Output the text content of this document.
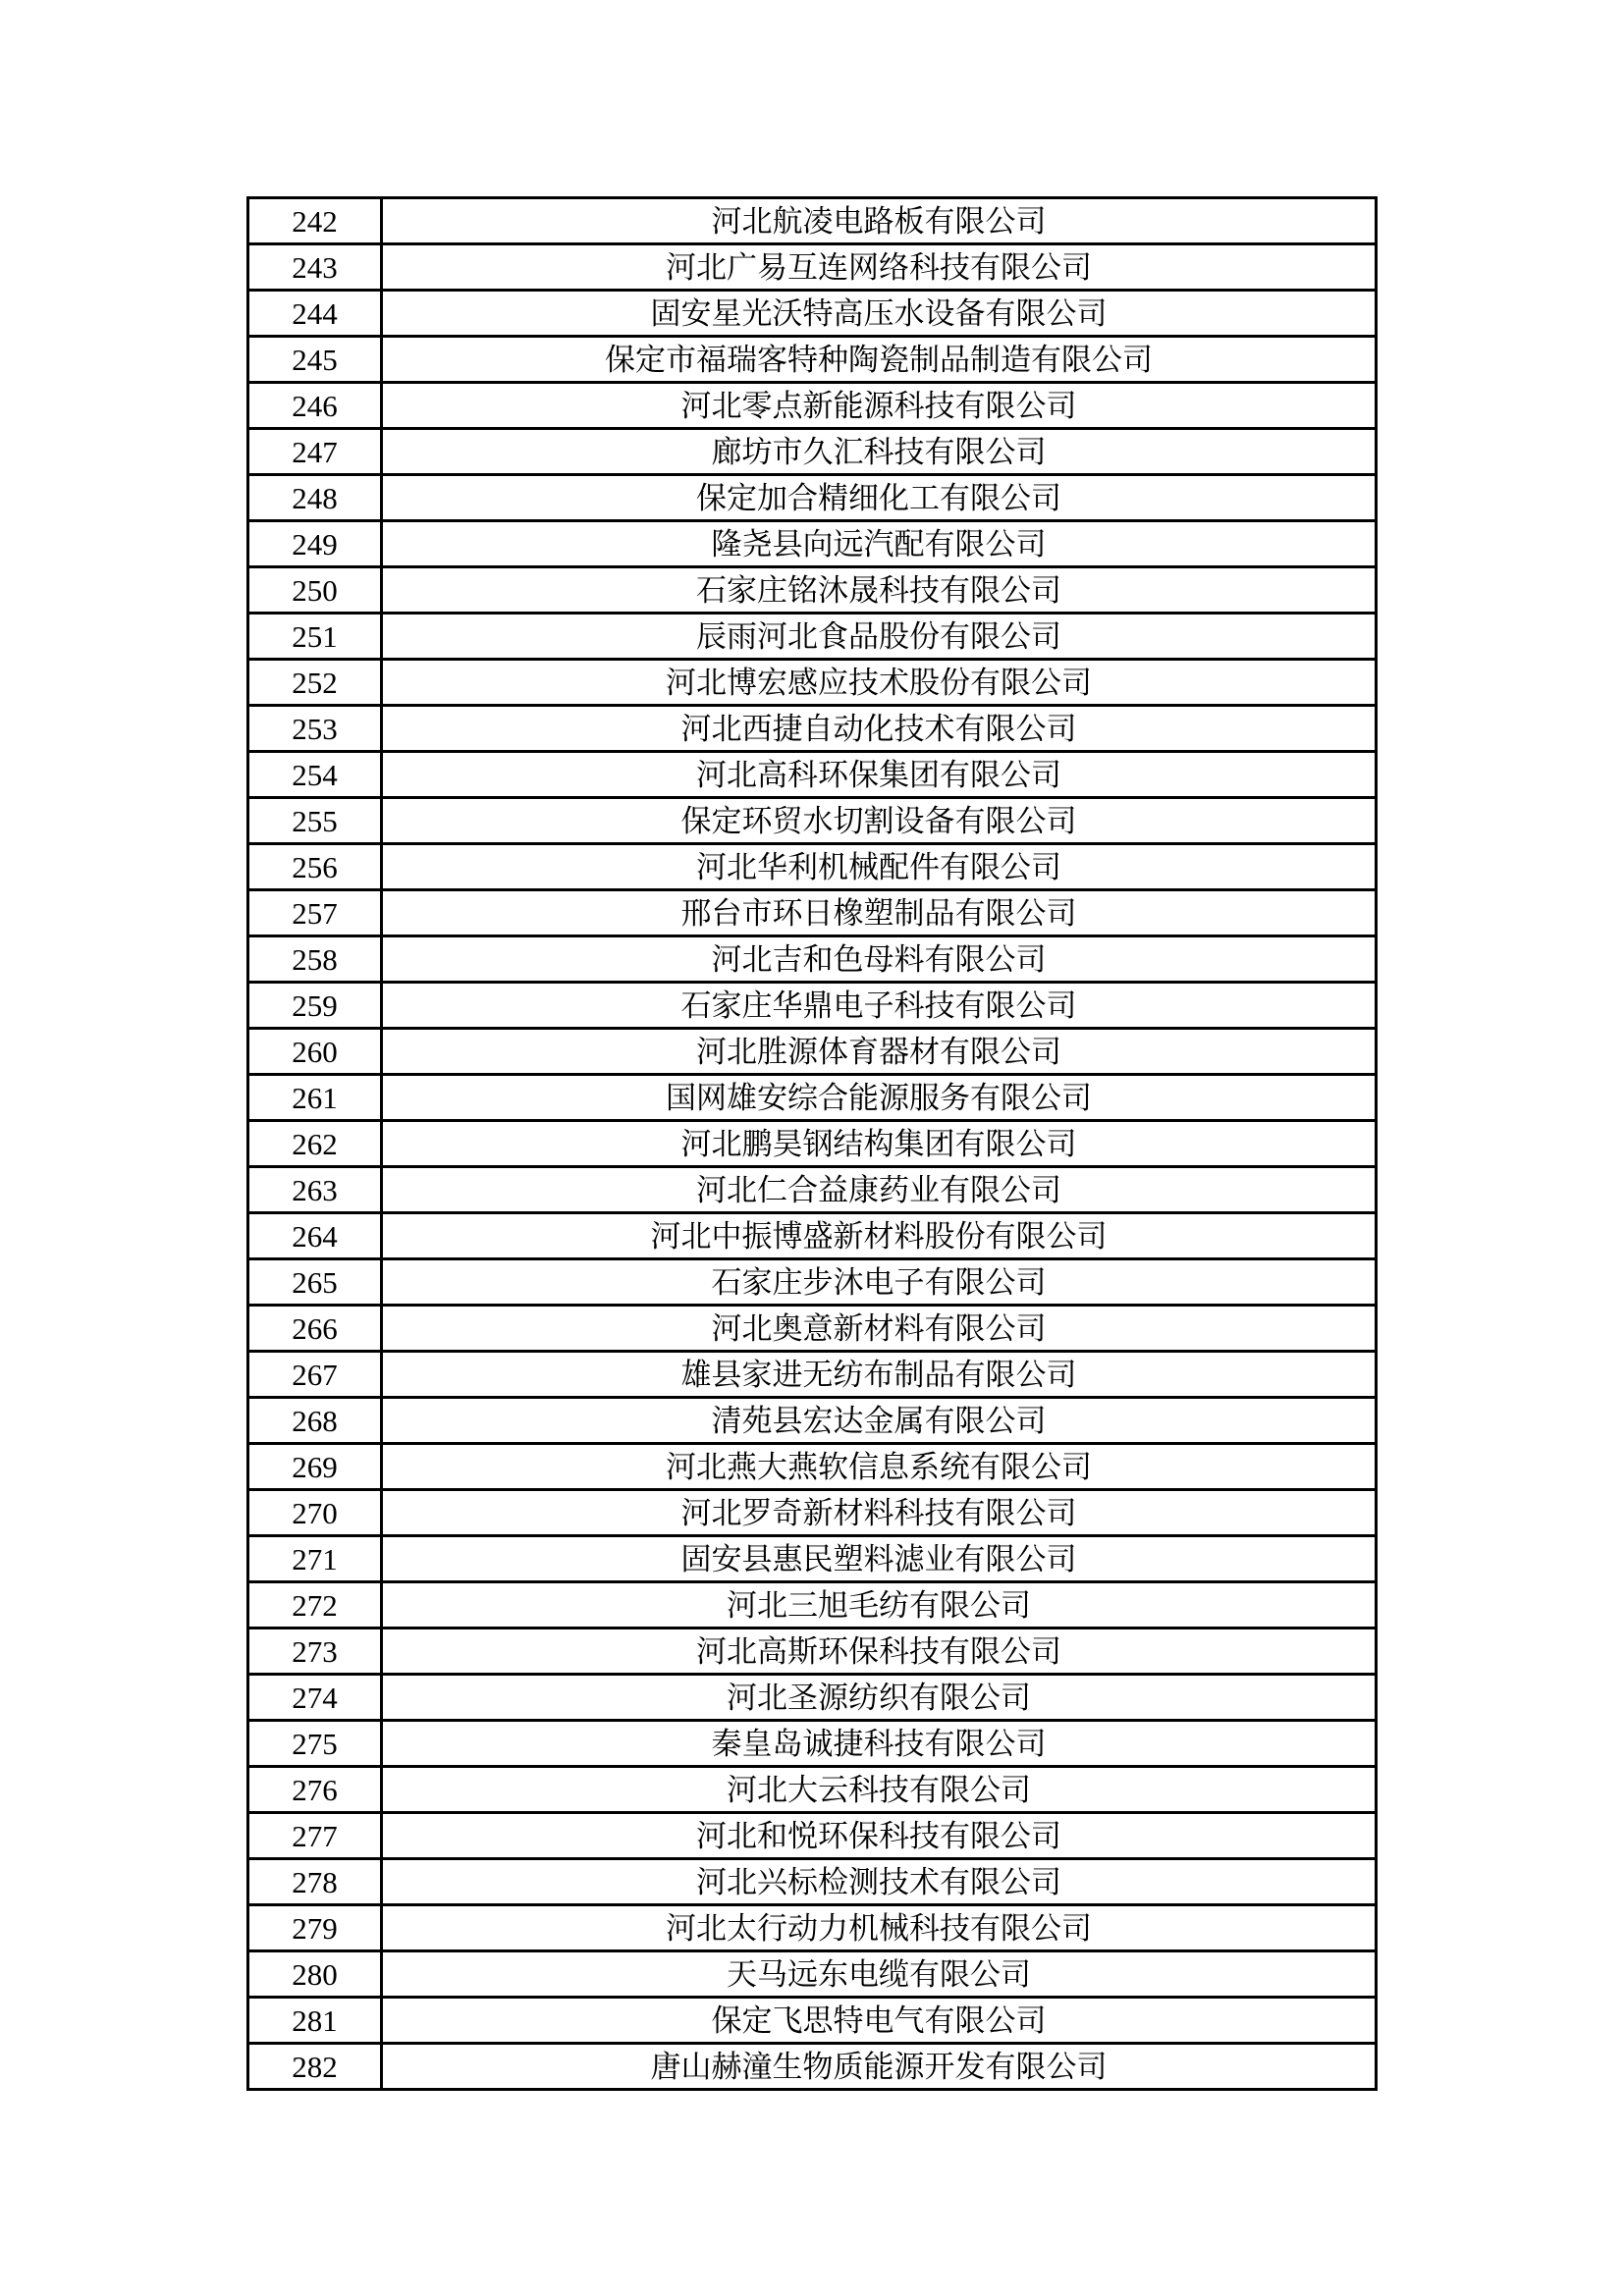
242	河北航凌电路板有限公司
243	河北广易互连网络科技有限公司
244	固安星光沃特高压水设备有限公司
245	保定市福瑞客特种陶瓷制品制造有限公司
246	河北零点新能源科技有限公司
247	廊坊市久汇科技有限公司
248	保定加合精细化工有限公司
249	隆尧县向远汽配有限公司
250	石家庄铭沐晟科技有限公司
251	辰雨河北食品股份有限公司
252	河北博宏感应技术股份有限公司
253	河北西捷自动化技术有限公司
254	河北高科环保集团有限公司
255	保定环贸水切割设备有限公司
256	河北华利机械配件有限公司
257	邢台市环日橡塑制品有限公司
258	河北吉和色母料有限公司
259	石家庄华鼎电子科技有限公司
260	河北胜源体育器材有限公司
261	国网雄安综合能源服务有限公司
262	河北鹏昊钢结构集团有限公司
263	河北仁合益康药业有限公司
264	河北中振博盛新材料股份有限公司
265	石家庄步沐电子有限公司
266	河北奥意新材料有限公司
267	雄县家进无纺布制品有限公司
268	清苑县宏达金属有限公司
269	河北燕大燕软信息系统有限公司
270	河北罗奇新材料科技有限公司
271	固安县惠民塑料滤业有限公司
272	河北三旭毛纺有限公司
273	河北高斯环保科技有限公司
274	河北圣源纺织有限公司
275	秦皇岛诚捷科技有限公司
276	河北大云科技有限公司
277	河北和悦环保科技有限公司
278	河北兴标检测技术有限公司
279	河北太行动力机械科技有限公司
280	天马远东电缆有限公司
281	保定飞思特电气有限公司
282	唐山赫潼生物质能源开发有限公司
